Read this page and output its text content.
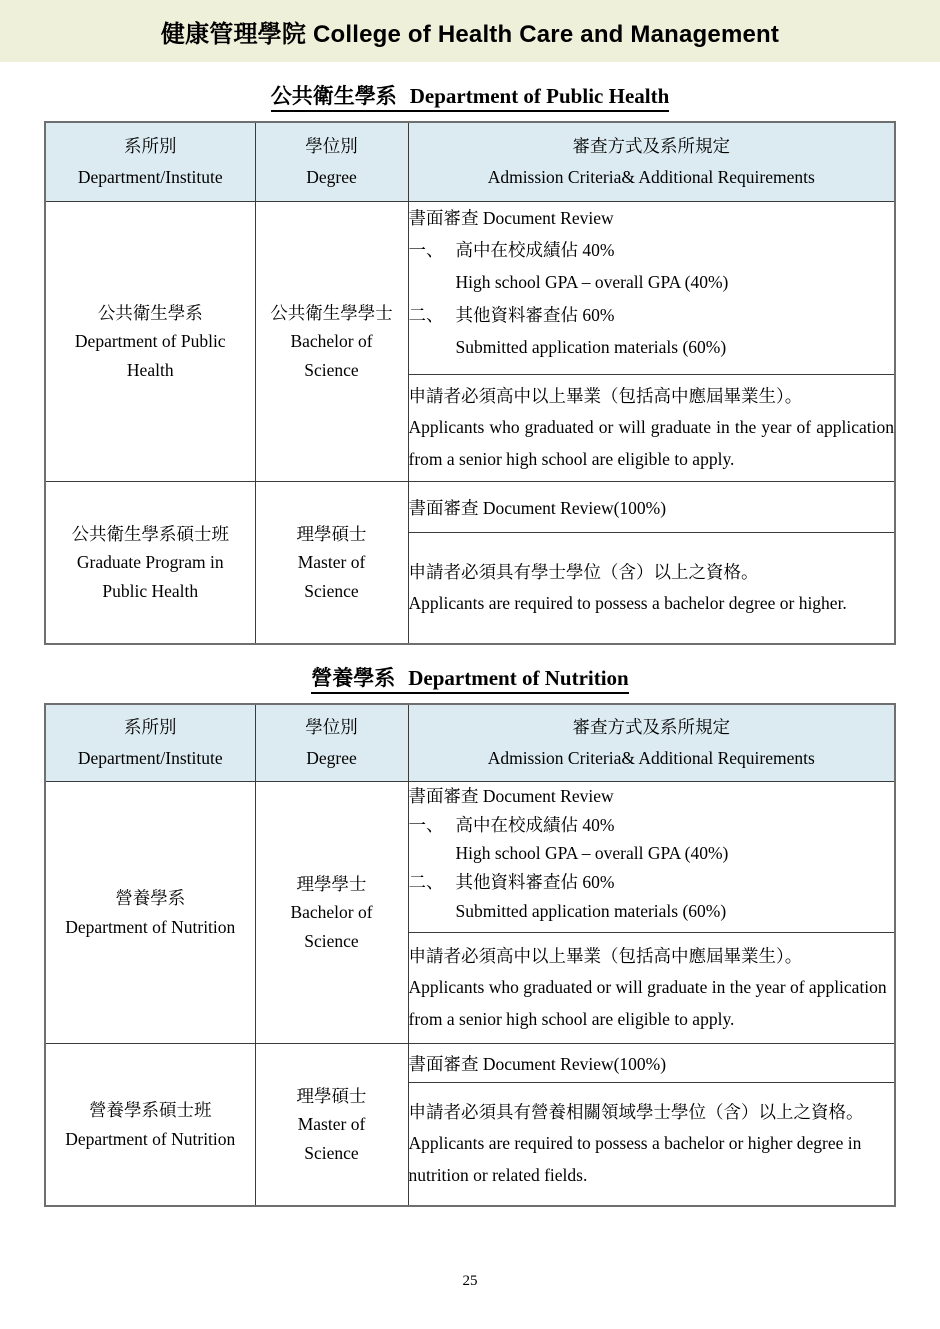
健康管理學院 College of Health Care and Management
公共衛生學系 Department of Public Health
系所別
Department/Institute

學位別
Degree

審查方式及系所規定
Admission Criteria& Additional Requirements

公共衛生學系
Department of Public Health

公共衛生學學士
Bachelor of Science

書面審查 Document Review
一、 高中在校成績佔 40%
High school GPA – overall GPA (40%)
二、 其他資料審查佔 60%
Submitted application materials (60%)

		申請者必須高中以上畢業（包括高中應屆畢業生）。
Applicants who graduated or will graduate in the year of application from a senior high school are eligible to apply.

公共衛生學系碩士班
Graduate Program in Public Health

理學碩士
Master of Science

書面審查 Document Review(100%)

		申請者必須具有學士學位（含）以上之資格。
Applicants are required to possess a bachelor degree or higher.
營養學系 Department of Nutrition
系所別
Department/Institute

學位別
Degree

審查方式及系所規定
Admission Criteria& Additional Requirements

營養學系
Department of Nutrition

理學學士
Bachelor of Science

書面審查 Document Review
一、 高中在校成績佔 40%
High school GPA – overall GPA (40%)
二、 其他資料審查佔 60%
Submitted application materials (60%)

		申請者必須高中以上畢業（包括高中應屆畢業生）。
Applicants who graduated or will graduate in the year of application from a senior high school are eligible to apply.

營養學系碩士班
Department of Nutrition

理學碩士
Master of Science

書面審查 Document Review(100%)

		申請者必須具有營養相關領域學士學位（含）以上之資格。
Applicants are required to possess a bachelor or higher degree in nutrition or related fields.
25
